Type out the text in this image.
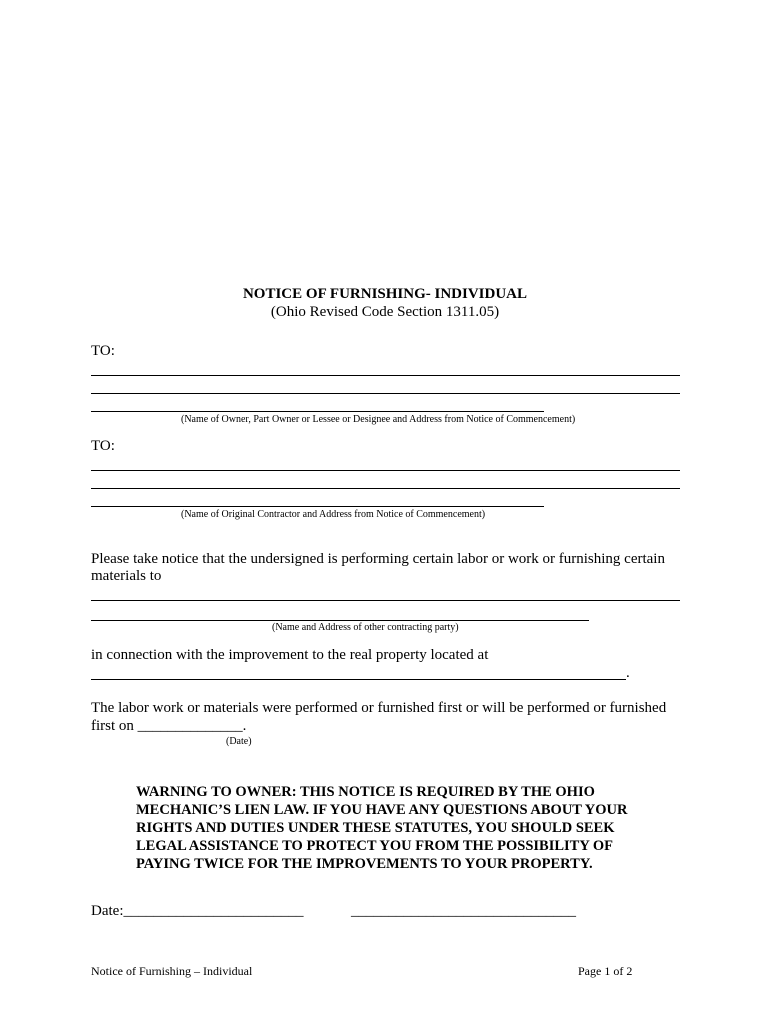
NOTICE OF FURNISHING- INDIVIDUAL
(Ohio Revised Code Section 1311.05)
TO:
(Name of Owner, Part Owner or Lessee or Designee and Address from Notice of Commencement)
TO:
(Name of Original Contractor and Address from Notice of Commencement)
Please take notice that the undersigned is performing certain labor or work or furnishing certain materials to
(Name and Address of other contracting party)
in connection with the improvement to the real property located at
.
The labor work or materials were performed or furnished first or will be performed or furnished
first on ______________.
(Date)
WARNING TO OWNER: THIS NOTICE IS REQUIRED BY THE OHIO MECHANIC’S LIEN LAW. IF YOU HAVE ANY QUESTIONS ABOUT YOUR RIGHTS AND DUTIES UNDER THESE STATUTES, YOU SHOULD SEEK LEGAL ASSISTANCE TO PROTECT YOU FROM THE POSSIBILITY OF PAYING TWICE FOR THE IMPROVEMENTS TO YOUR PROPERTY.
Date:________________________	______________________________
Notice of Furnishing – Individual	Page 1 of 2
